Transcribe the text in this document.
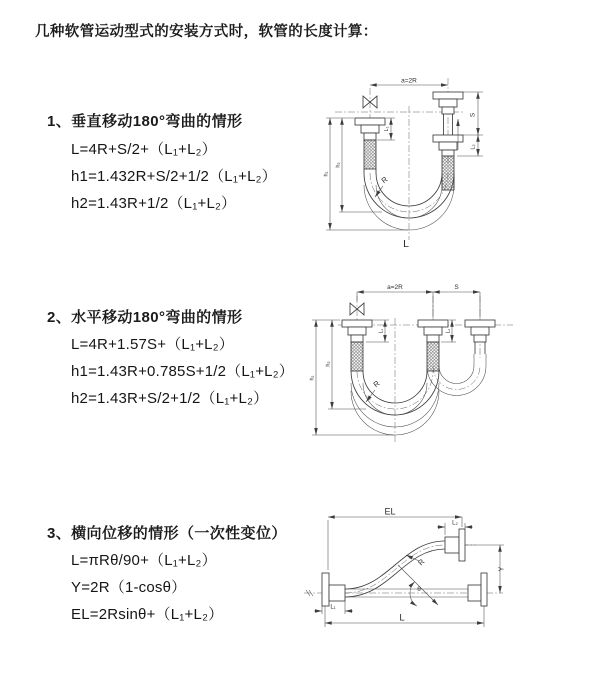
几种软管运动型式的安装方式时，软管的长度计算：
1、垂直移动180°弯曲的情形
L=4R+S/2+（L₁+L₂）
h1=1.432R+S/2+1/2（L₁+L₂）
h2=1.43R+1/2（L₁+L₂）
2、水平移动180°弯曲的情形
L=4R+1.57S+（L₁+L₂）
h1=1.43R+0.785S+1/2（L₁+L₂）
h2=1.43R+S/2+1/2（L₁+L₂）
3、横向位移的情形（一次性变位）
L=πRθ/90+（L₁+L₂）
Y=2R（1-cosθ）
EL=2Rsinθ+（L₁+L₂）
a=2R
S
L₂
L₁
h₁
h₂
R
L
a=2R	S
h₁
h₂
L₁	L₂
R
EL
L₂
Y
R
θ
L
L₁
